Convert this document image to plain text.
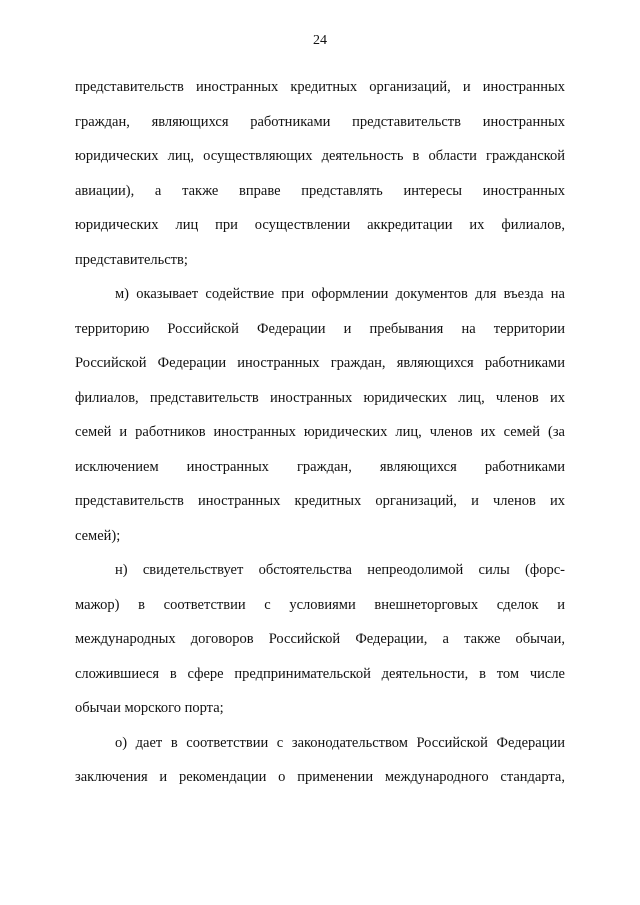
24
представительств иностранных кредитных организаций, и иностранных
граждан, являющихся работниками представительств иностранных
юридических лиц, осуществляющих деятельность в области гражданской
авиации), а также вправе представлять интересы иностранных
юридических лиц при осуществлении аккредитации их филиалов,
представительств;
м) оказывает содействие при оформлении документов для въезда на
территорию Российской Федерации и пребывания на территории
Российской Федерации иностранных граждан, являющихся работниками
филиалов, представительств иностранных юридических лиц, членов их
семей и работников иностранных юридических лиц, членов их семей (за
исключением иностранных граждан, являющихся работниками
представительств иностранных кредитных организаций, и членов их
семей);
н) свидетельствует обстоятельства непреодолимой силы (форс-
мажор) в соответствии с условиями внешнеторговых сделок и
международных договоров Российской Федерации, а также обычаи,
сложившиеся в сфере предпринимательской деятельности, в том числе
обычаи морского порта;
о) дает в соответствии с законодательством Российской Федерации
заключения и рекомендации о применении международного стандарта,
